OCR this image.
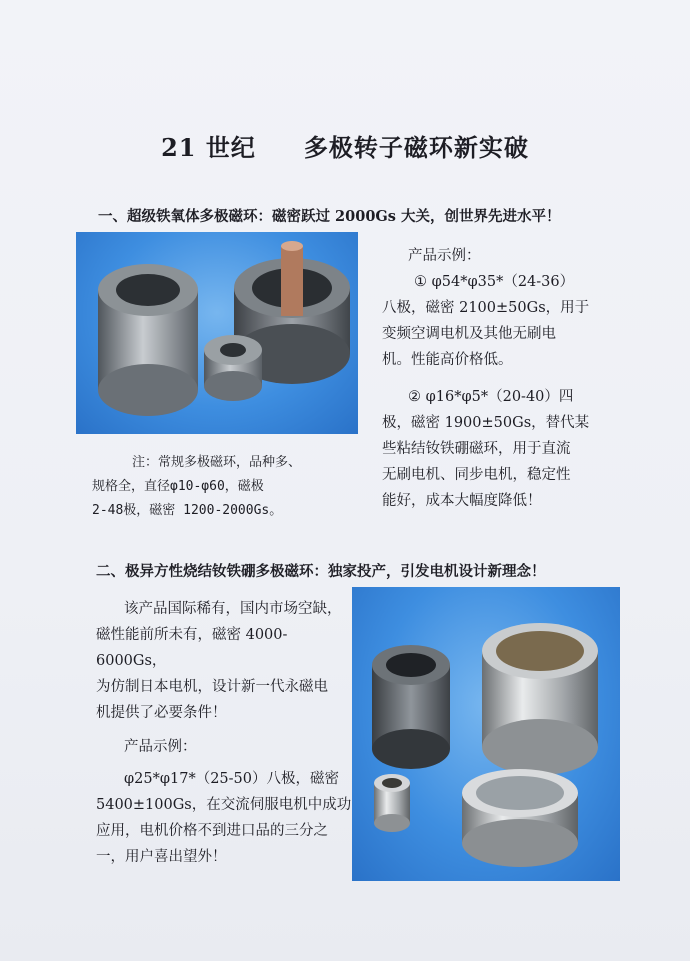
21 世纪 多极转子磁环新实破
一、超级铁氧体多极磁环：磁密跃过 2000Gs 大关，创世界先进水平！

产品示例：

① φ54*φ35*（24-36）

八极，磁密 2100±50Gs，用于

变频空调电机及其他无刷电

机。性能高价格低。

② φ16*φ5*（20-40）四

极，磁密 1900±50Gs，替代某

些粘结钕铁硼磁环，用于直流

无刷电机、同步电机，稳定性

能好，成本大幅度降低！

注：常规多极磁环，品种多、

规格全，直径φ10-φ60，磁极

2-48极，磁密 1200-2000Gs。

二、极异方性烧结钕铁硼多极磁环：独家投产，引发电机设计新理念！

该产品国际稀有，国内市场空缺，

磁性能前所未有，磁密 4000-6000Gs，

为仿制日本电机，设计新一代永磁电

机提供了必要条件！

产品示例：

φ25*φ17*（25-50）八极，磁密

5400±100Gs，在交流伺服电机中成功

应用，电机价格不到进口品的三分之

一，用户喜出望外！
